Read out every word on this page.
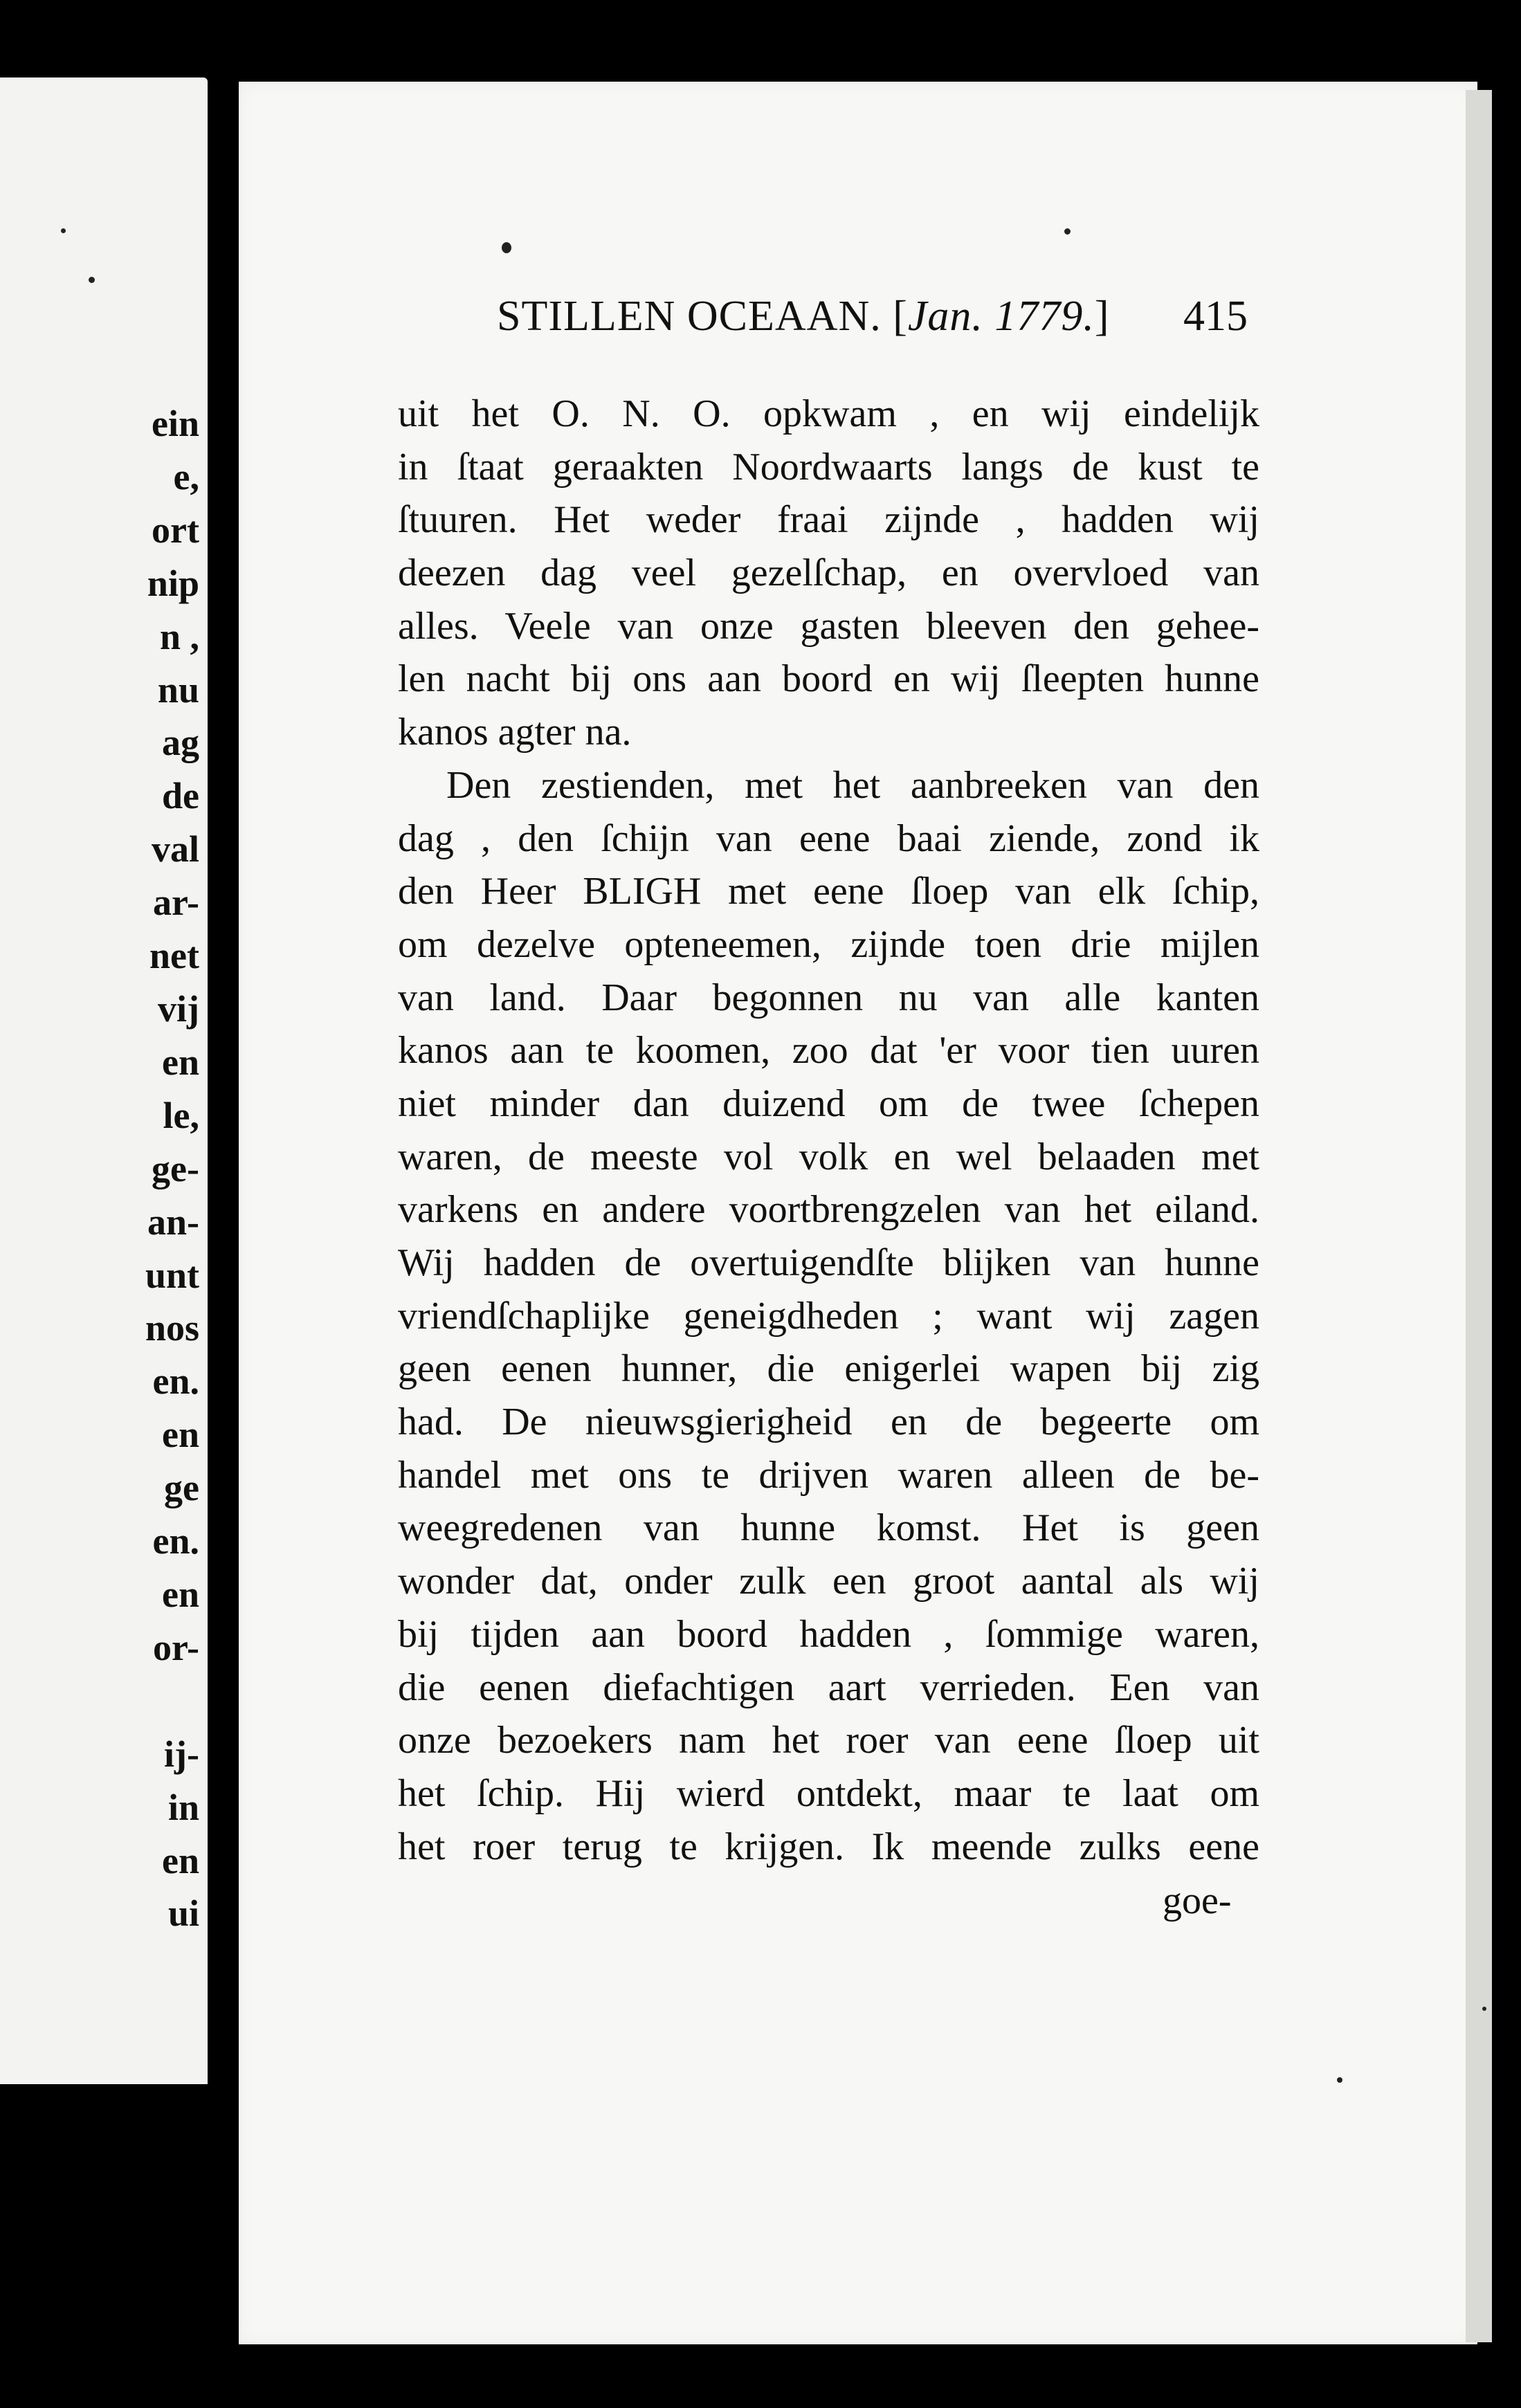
ein
e,
ort
nip
n ,
nu
ag
de
val
ar-
net
vij
en
le,
ge-
an-
unt
nos
en.
en
ge
en.
en
or-
ij-
in
en
ui
STILLEN OCEAAN. [Jan. 1779.] 415
uit het O. N. O. opkwam , en wij eindelijk
in ſtaat geraakten Noordwaarts langs de kust te
ſtuuren. Het weder fraai zijnde , hadden wij
deezen dag veel gezelſchap, en overvloed van
alles. Veele van onze gasten bleeven den gehee-
len nacht bij ons aan boord en wij ſleepten hunne
kanos agter na.
Den zestienden, met het aanbreeken van den
dag , den ſchijn van eene baai ziende, zond ik
den Heer BLIGH met eene ſloep van elk ſchip,
om dezelve opteneemen, zijnde toen drie mijlen
van land. Daar begonnen nu van alle kanten
kanos aan te koomen, zoo dat 'er voor tien uuren
niet minder dan duizend om de twee ſchepen
waren, de meeste vol volk en wel belaaden met
varkens en andere voortbrengzelen van het eiland.
Wij hadden de overtuigendſte blijken van hunne
vriendſchaplijke geneigdheden ; want wij zagen
geen eenen hunner, die enigerlei wapen bij zig
had. De nieuwsgierigheid en de begeerte om
handel met ons te drijven waren alleen de be-
weegredenen van hunne komst. Het is geen
wonder dat, onder zulk een groot aantal als wij
bij tijden aan boord hadden , ſommige waren,
die eenen diefachtigen aart verrieden. Een van
onze bezoekers nam het roer van eene ſloep uit
het ſchip. Hij wierd ontdekt, maar te laat om
het roer terug te krijgen. Ik meende zulks eene
goe-
